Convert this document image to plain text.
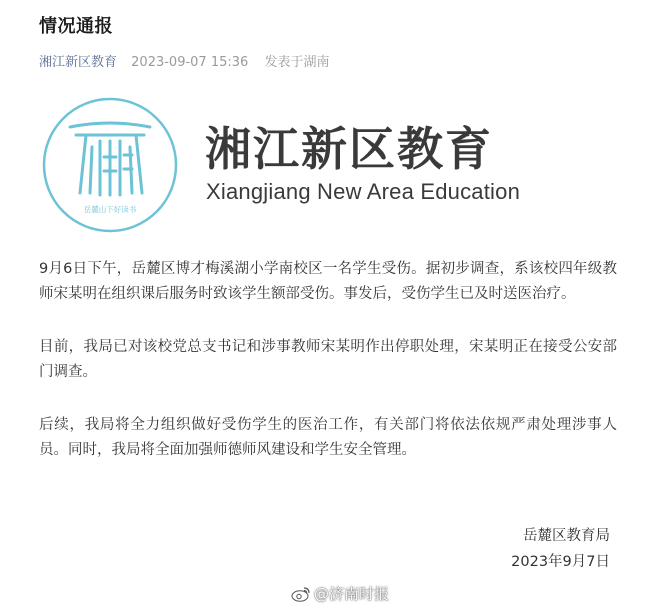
情况通报
湘江新区教育 2023-09-07 15:36 发表于湖南
岳麓山下好读书
湘江新区教育
Xiangjiang New Area Education

9月6日下午，岳麓区博才梅溪湖小学南校区一名学生受伤。据初步调查，系该校四年级教师宋某明在组织课后服务时致该学生额部受伤。事发后，受伤学生已及时送医治疗。

目前，我局已对该校党总支书记和涉事教师宋某明作出停职处理，宋某明正在接受公安部门调查。

后续，我局将全力组织做好受伤学生的医治工作，有关部门将依法依规严肃处理涉事人员。同时，我局将全面加强师德师风建设和学生安全管理。

岳麓区教育局
2023年9月7日
@济南时报
